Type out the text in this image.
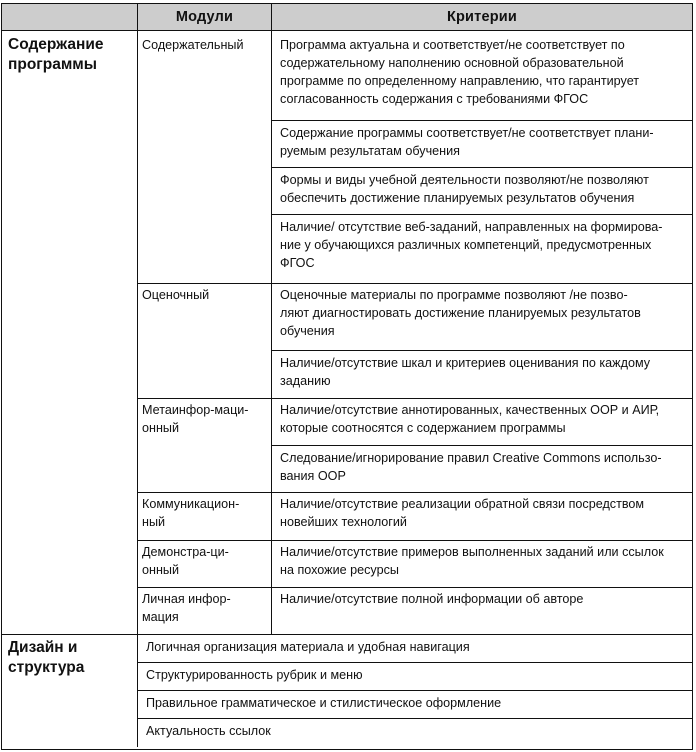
Модули	Критерии
Содержание
программы
Дизайн и
структура
Содержательный
Оценочный
Метаинфор-маци-
онный
Коммуникацион-
ный
Демонстра-ци-
онный
Личная инфор-
мация
Программа актуальна и соответствует/не соответствует по
содержательному наполнению основной образовательной
программе по определенному направлению, что гарантирует
согласованность содержания с требованиями ФГОС
Содержание программы соответствует/не соответствует плани-
руемым результатам обучения
Формы и виды учебной деятельности позволяют/не позволяют
обеспечить достижение планируемых результатов обучения
Наличие/ отсутствие веб-заданий, направленных на формирова-
ние у обучающихся различных компетенций, предусмотренных
ФГОС
Оценочные материалы по программе позволяют /не позво-
ляют диагностировать достижение планируемых результатов
обучения
Наличие/отсутствие шкал и критериев оценивания по каждому
заданию
Наличие/отсутствие аннотированных, качественных ООР и АИР,
которые соотносятся с содержанием программы
Следование/игнорирование правил Creative Commons использо-
вания ООР
Наличие/отсутствие реализации обратной связи посредством
новейших технологий
Наличие/отсутствие примеров выполненных заданий или ссылок
на похожие ресурсы
Наличие/отсутствие полной информации об авторе
Логичная организация материала и удобная навигация
Структурированность рубрик и меню
Правильное грамматическое и стилистическое оформление
Актуальность ссылок
